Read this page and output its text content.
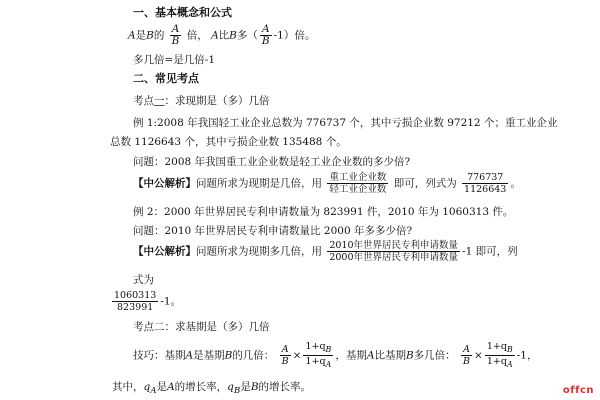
一、基本概念和公式
A是B的 $\frac{A}{B}$ 倍， A比B多（ $\frac{A}{B} -1$）倍。
多几倍=是几倍-1
二、常见考点
考点一：求现期是（多）几倍
例 1:2008 年我国轻工业企业总数为 776737 个，其中亏损企业数 97212 个；重工业企业
总数 1126643 个，其中亏损企业数 135488 个。
问题：2008 年我国重工业企业数是轻工业企业数的多少倍?
【中公解析】问题所求为现期是几倍，用 $\frac{\text{重工业企业数}}{\text{轻工业企业数}}$ 即可，列式为 $\frac{776737}{1126643}$ 。
例 2：2000 年世界居民专利申请数量为 823991 件，2010 年为 1060313 件。
问题：2010 年世界居民专利申请数量比 2000 年多多少倍?
【中公解析】问题所求为现期多几倍，用 $\frac{\text{2010年世界居民专利申请数量}}{\text{2000年世界居民专利申请数量}} -1$ 即可，列
式为
$\frac{1060313}{823991} -1$。
考点二：求基期是（多）几倍
技巧：基期A是基期B的几倍： $\frac{A}{B} \times \frac{1+q_B}{1+q_A}$ ，基期A比基期B多几倍： $\frac{A}{B} \times \frac{1+q_B}{1+q_A} -1$，
其中，$q_A$是A的增长率，$q_B$是B的增长率。	offcn
